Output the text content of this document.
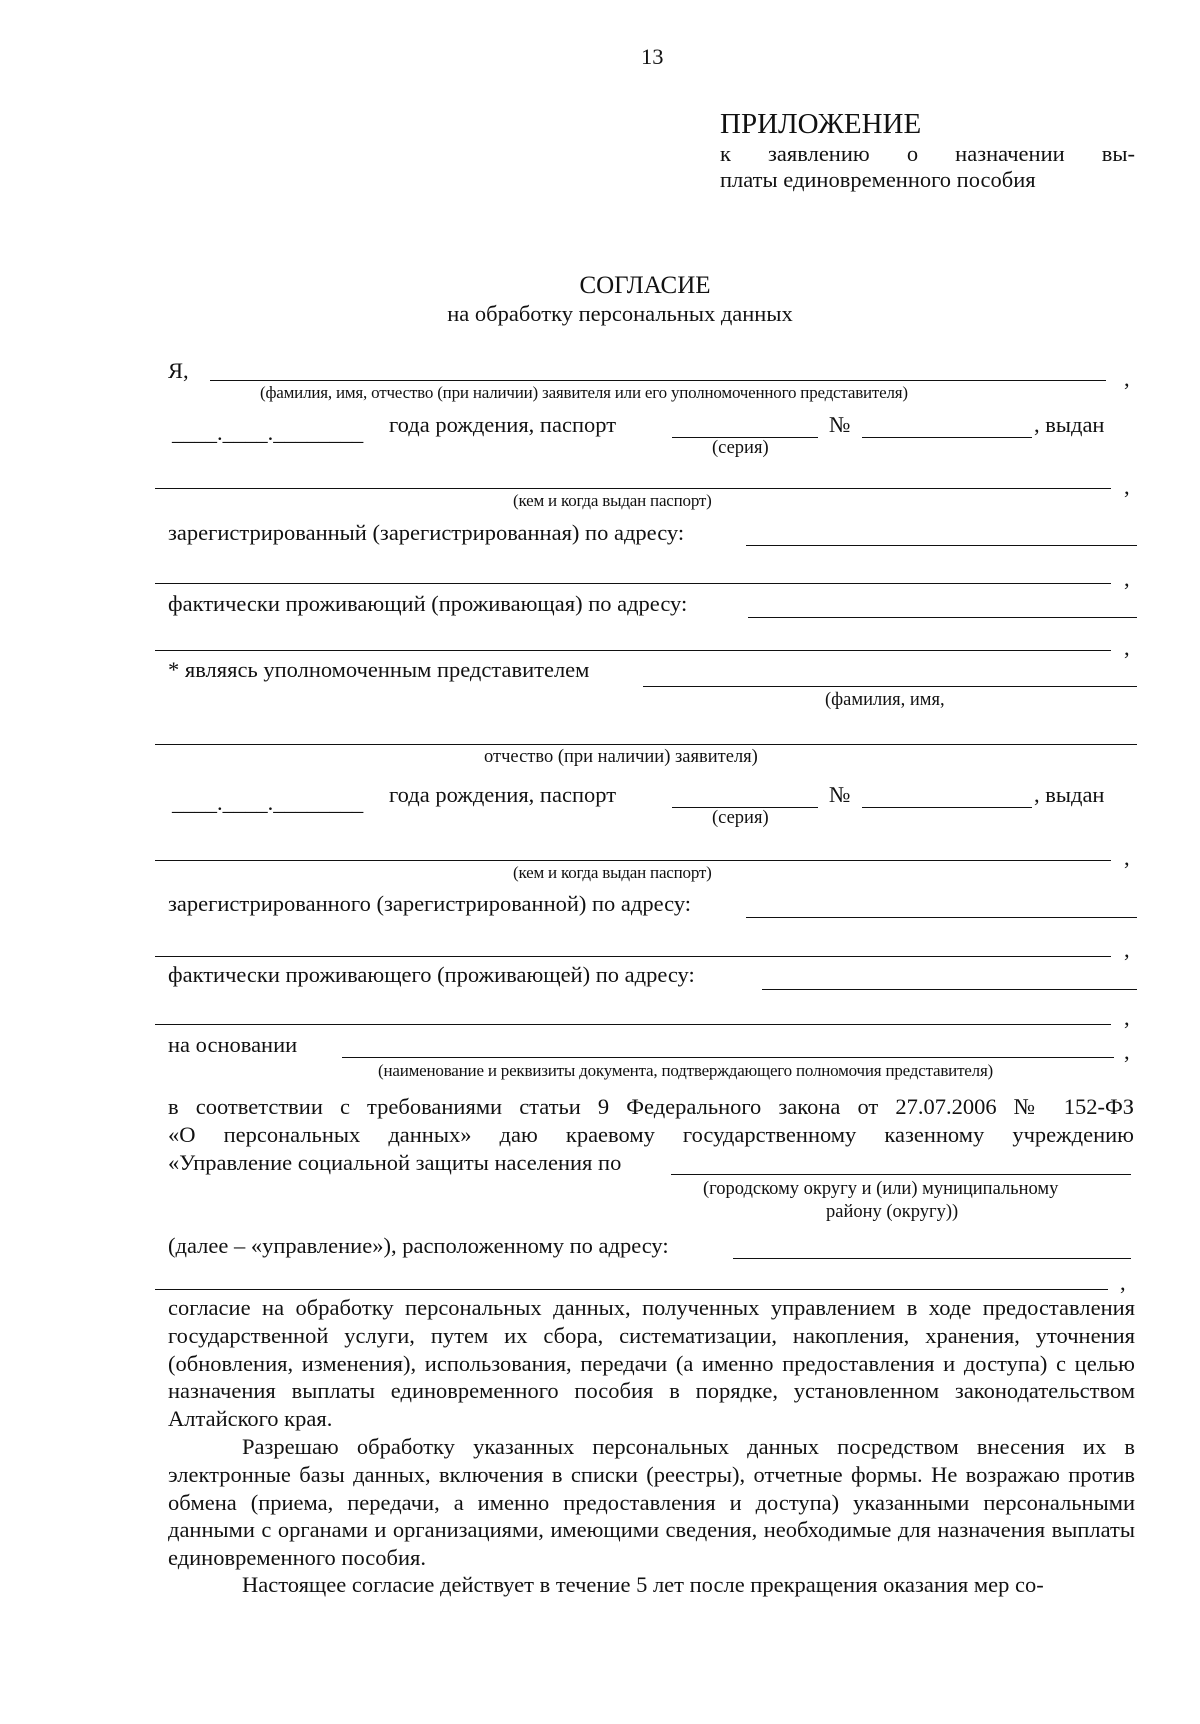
13
ПРИЛОЖЕНИЕ
к заявлению о назначении вы-
платы единовременного пособия
СОГЛАСИЕ
на обработку персональных данных
Я,	,
(фамилия, имя, отчество (при наличии) заявителя или его уполномоченного представителя)
____.____.________ года рождения, паспорт	№	, выдан
(серия)
,
(кем и когда выдан паспорт)
зарегистрированный (зарегистрированная) по адресу:
,
фактически проживающий (проживающая) по адресу:
,
* являясь уполномоченным представителем
(фамилия, имя,
отчество (при наличии) заявителя)
____.____.________ года рождения, паспорт	№	, выдан
(серия)
,
(кем и когда выдан паспорт)
зарегистрированного (зарегистрированной) по адресу:
,
фактически проживающего (проживающей) по адресу:
,
на основании	,
(наименование и реквизиты документа, подтверждающего полномочия представителя)
в соответствии с требованиями статьи 9 Федерального закона от 27.07.2006 № 152-ФЗ
«О персональных данных» даю краевому государственному казенному учреждению
«Управление социальной защиты населения по
(городскому округу и (или) муниципальному
району (округу))
(далее – «управление»), расположенному по адресу:
,
согласие на обработку персональных данных, полученных управлением в ходе предоставления государственной услуги, путем их сбора, систематизации, накопления, хранения, уточнения (обновления, изменения), использования, передачи (а именно предоставления и доступа) с целью назначения выплаты единовременного пособия в порядке, установленном законодательством Алтайского края.
Разрешаю обработку указанных персональных данных посредством внесения их в электронные базы данных, включения в списки (реестры), отчетные формы. Не возражаю против обмена (приема, передачи, а именно предоставления и доступа) указанными персональными данными с органами и организациями, имеющими сведения, необходимые для назначения выплаты единовременного пособия.
Настоящее согласие действует в течение 5 лет после прекращения оказания мер со-
